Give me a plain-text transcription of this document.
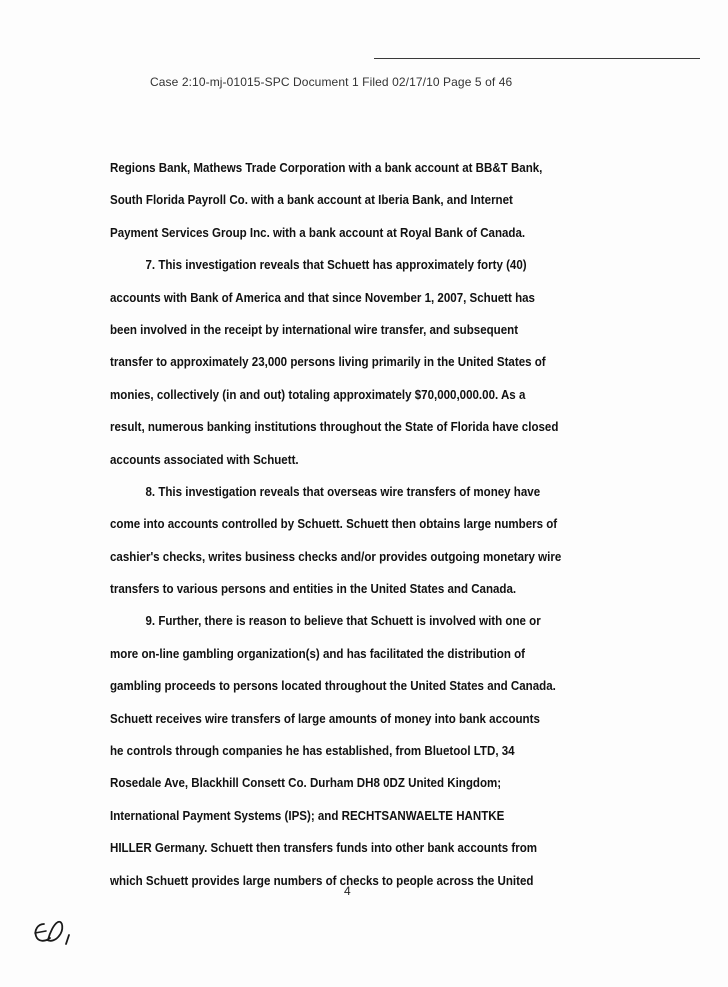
Case 2:10-mj-01015-SPC Document 1 Filed 02/17/10 Page 5 of 46
Regions Bank, Mathews Trade Corporation with a bank account at BB&T Bank,
South Florida Payroll Co. with a bank account at Iberia Bank, and Internet
Payment Services Group Inc. with a bank account at Royal Bank of Canada.
7. This investigation reveals that Schuett has approximately forty (40)
accounts with Bank of America and that since November 1, 2007, Schuett has
been involved in the receipt by international wire transfer, and subsequent
transfer to approximately 23,000 persons living primarily in the United States of
monies, collectively (in and out) totaling approximately $70,000,000.00. As a
result, numerous banking institutions throughout the State of Florida have closed
accounts associated with Schuett.
8. This investigation reveals that overseas wire transfers of money have
come into accounts controlled by Schuett. Schuett then obtains large numbers of
cashier's checks, writes business checks and/or provides outgoing monetary wire
transfers to various persons and entities in the United States and Canada.
9. Further, there is reason to believe that Schuett is involved with one or
more on-line gambling organization(s) and has facilitated the distribution of
gambling proceeds to persons located throughout the United States and Canada.
Schuett receives wire transfers of large amounts of money into bank accounts
he controls through companies he has established, from Bluetool LTD, 34
Rosedale Ave, Blackhill Consett Co. Durham DH8 0DZ United Kingdom;
International Payment Systems (IPS); and RECHTSANWAELTE HANTKE
HILLER Germany. Schuett then transfers funds into other bank accounts from
which Schuett provides large numbers of checks to people across the United
4
